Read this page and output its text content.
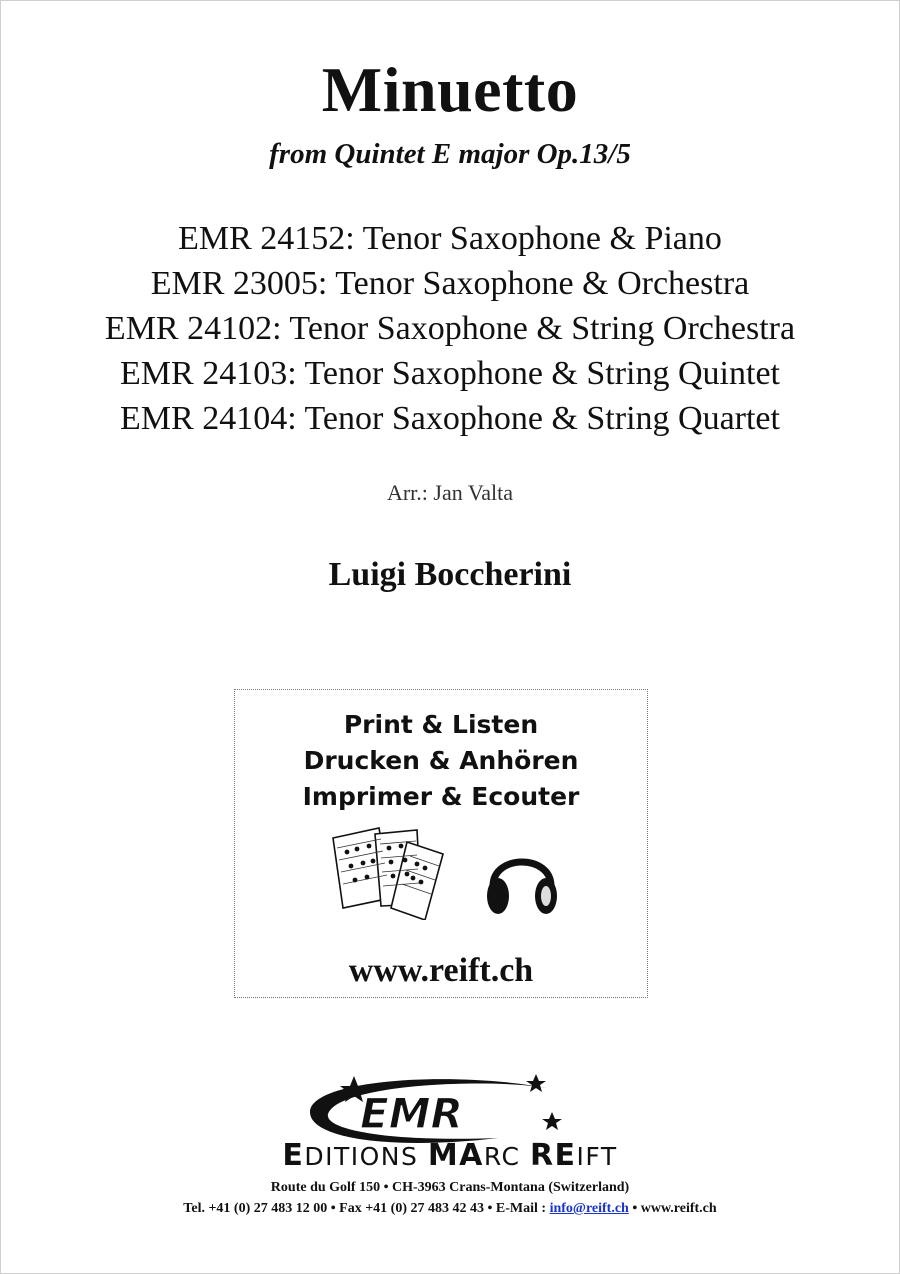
Minuetto
from Quintet E major Op.13/5
EMR 24152: Tenor Saxophone & Piano
EMR 23005: Tenor Saxophone & Orchestra
EMR 24102: Tenor Saxophone & String Orchestra
EMR 24103: Tenor Saxophone & String Quintet
EMR 24104: Tenor Saxophone & String Quartet
Arr.: Jan Valta
Luigi Boccherini
Print & Listen
Drucken & Anhören
Imprimer & Ecouter
www.reift.ch
EMR
EDITIONS MARC REIFT
Route du Golf 150 • CH-3963 Crans-Montana (Switzerland)
Tel. +41 (0) 27 483 12 00 • Fax +41 (0) 27 483 42 43 • E-Mail : info@reift.ch • www.reift.ch
